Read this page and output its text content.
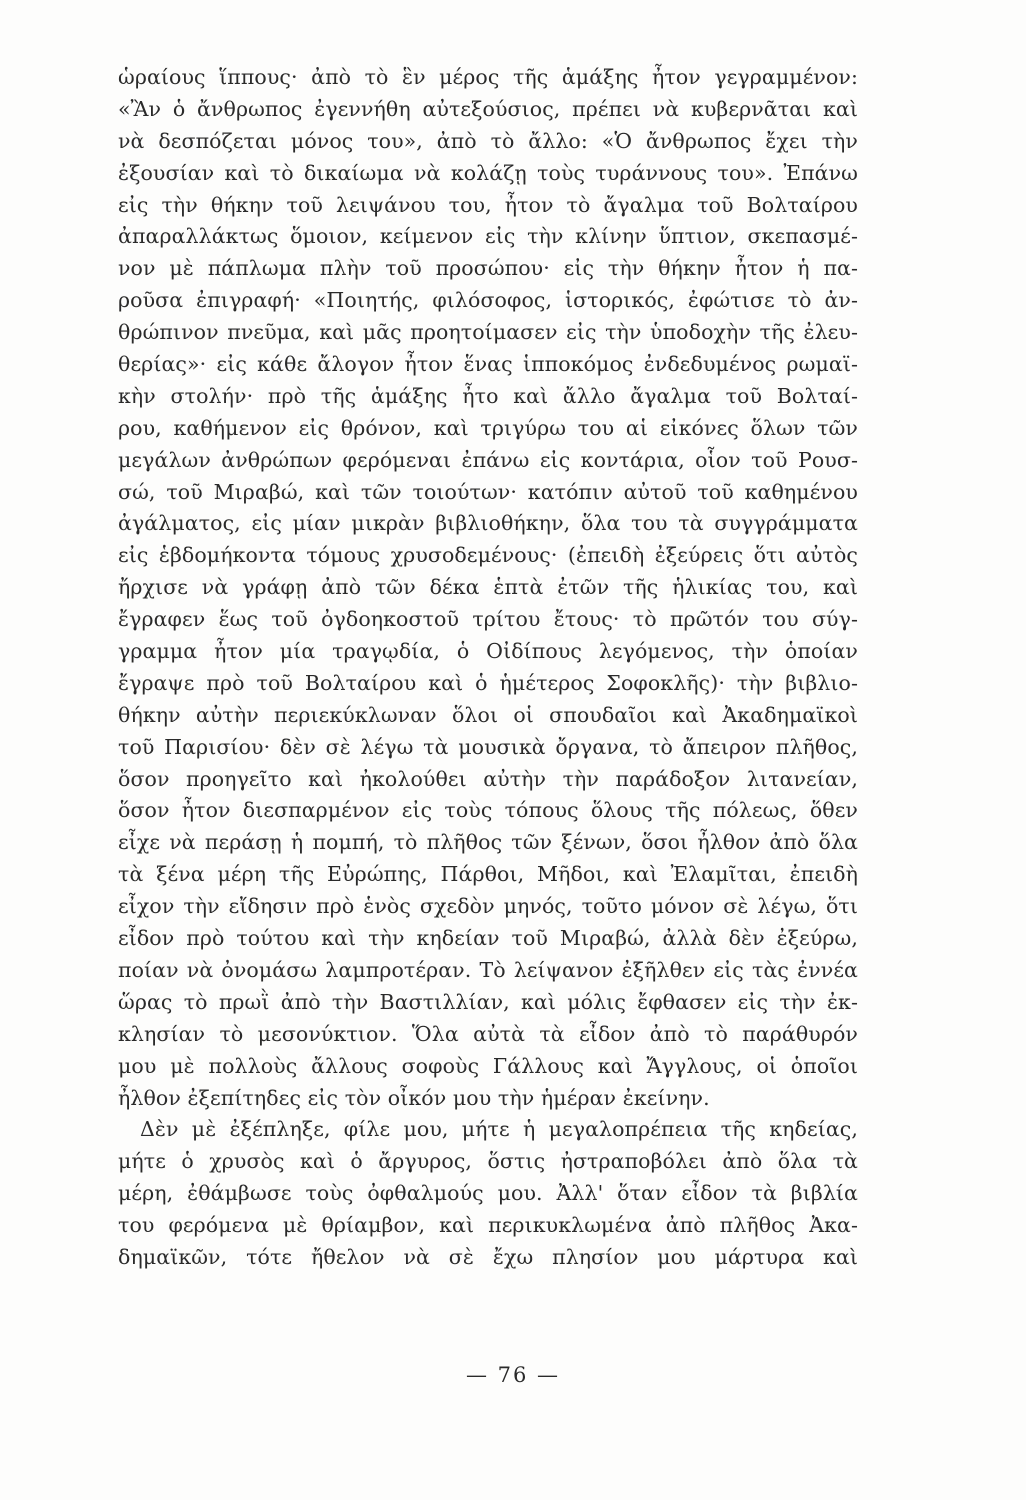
ὡραίους ἵππους· ἀπὸ τὸ ἓν μέρος τῆς ἁμάξης ἦτον γεγραμμένον:
«Ἂν ὁ ἄνθρωπος ἐγεννήθη αὐτεξούσιος, πρέπει νὰ κυβερνᾶται καὶ
νὰ δεσπόζεται μόνος του», ἀπὸ τὸ ἄλλο: «Ὁ ἄνθρωπος ἔχει τὴν
ἐξουσίαν καὶ τὸ δικαίωμα νὰ κολάζῃ τοὺς τυράννους του». Ἐπάνω
εἰς τὴν θήκην τοῦ λειψάνου του, ἦτον τὸ ἄγαλμα τοῦ Βολταίρου
ἀπαραλλάκτως ὅμοιον, κείμενον εἰς τὴν κλίνην ὕπτιον, σκεπασμέ-
νον μὲ πάπλωμα πλὴν τοῦ προσώπου· εἰς τὴν θήκην ἦτον ἡ πα-
ροῦσα ἐπιγραφή· «Ποιητής, φιλόσοφος, ἱστορικός, ἐφώτισε τὸ ἀν-
θρώπινον πνεῦμα, καὶ μᾶς προητοίμασεν εἰς τὴν ὑποδοχὴν τῆς ἐλευ-
θερίας»· εἰς κάθε ἄλογον ἦτον ἕνας ἱπποκόμος ἐνδεδυμένος ρωμαϊ-
κὴν στολήν· πρὸ τῆς ἁμάξης ἦτο καὶ ἄλλο ἄγαλμα τοῦ Βολταί-
ρου, καθήμενον εἰς θρόνον, καὶ τριγύρω του αἱ εἰκόνες ὅλων τῶν
μεγάλων ἀνθρώπων φερόμεναι ἐπάνω εἰς κοντάρια, οἷον τοῦ Ρουσ-
σώ, τοῦ Μιραβώ, καὶ τῶν τοιούτων· κατόπιν αὐτοῦ τοῦ καθημένου
ἀγάλματος, εἰς μίαν μικρὰν βιβλιοθήκην, ὅλα του τὰ συγγράμματα
εἰς ἑβδομήκοντα τόμους χρυσοδεμένους· (ἐπειδὴ ἐξεύρεις ὅτι αὐτὸς
ἤρχισε νὰ γράφῃ ἀπὸ τῶν δέκα ἑπτὰ ἐτῶν τῆς ἡλικίας του, καὶ
ἔγραφεν ἕως τοῦ ὀγδοηκοστοῦ τρίτου ἔτους· τὸ πρῶτόν του σύγ-
γραμμα ἦτον μία τραγῳδία, ὁ Οἰδίπους λεγόμενος, τὴν ὁποίαν
ἔγραψε πρὸ τοῦ Βολταίρου καὶ ὁ ἡμέτερος Σοφοκλῆς)· τὴν βιβλιο-
θήκην αὐτὴν περιεκύκλωναν ὅλοι οἱ σπουδαῖοι καὶ Ἀκαδημαϊκοὶ
τοῦ Παρισίου· δὲν σὲ λέγω τὰ μουσικὰ ὄργανα, τὸ ἄπειρον πλῆθος,
ὅσον προηγεῖτο καὶ ἠκολούθει αὐτὴν τὴν παράδοξον λιτανείαν,
ὅσον ἦτον διεσπαρμένον εἰς τοὺς τόπους ὅλους τῆς πόλεως, ὅθεν
εἶχε νὰ περάσῃ ἡ πομπή, τὸ πλῆθος τῶν ξένων, ὅσοι ἦλθον ἀπὸ ὅλα
τὰ ξένα μέρη τῆς Εὐρώπης, Πάρθοι, Μῆδοι, καὶ Ἐλαμῖται, ἐπειδὴ
εἶχον τὴν εἴδησιν πρὸ ἑνὸς σχεδὸν μηνός, τοῦτο μόνον σὲ λέγω, ὅτι
εἶδον πρὸ τούτου καὶ τὴν κηδείαν τοῦ Μιραβώ, ἀλλὰ δὲν ἐξεύρω,
ποίαν νὰ ὀνομάσω λαμπροτέραν. Τὸ λείψανον ἐξῆλθεν εἰς τὰς ἐννέα
ὥρας τὸ πρωῒ ἀπὸ τὴν Βαστιλλίαν, καὶ μόλις ἔφθασεν εἰς τὴν ἐκ-
κλησίαν τὸ μεσονύκτιον. Ὅλα αὐτὰ τὰ εἶδον ἀπὸ τὸ παράθυρόν
μου μὲ πολλοὺς ἄλλους σοφοὺς Γάλλους καὶ Ἄγγλους, οἱ ὁποῖοι
ἦλθον ἐξεπίτηδες εἰς τὸν οἶκόν μου τὴν ἡμέραν ἐκείνην.
Δὲν μὲ ἐξέπληξε, φίλε μου, μήτε ἡ μεγαλοπρέπεια τῆς κηδείας,
μήτε ὁ χρυσὸς καὶ ὁ ἄργυρος, ὅστις ἠστραποβόλει ἀπὸ ὅλα τὰ
μέρη, ἐθάμβωσε τοὺς ὀφθαλμούς μου. Ἀλλ' ὅταν εἶδον τὰ βιβλία
του φερόμενα μὲ θρίαμβον, καὶ περικυκλωμένα ἀπὸ πλῆθος Ἀκα-
δημαϊκῶν, τότε ἤθελον νὰ σὲ ἔχω πλησίον μου μάρτυρα καὶ
— 76 —
